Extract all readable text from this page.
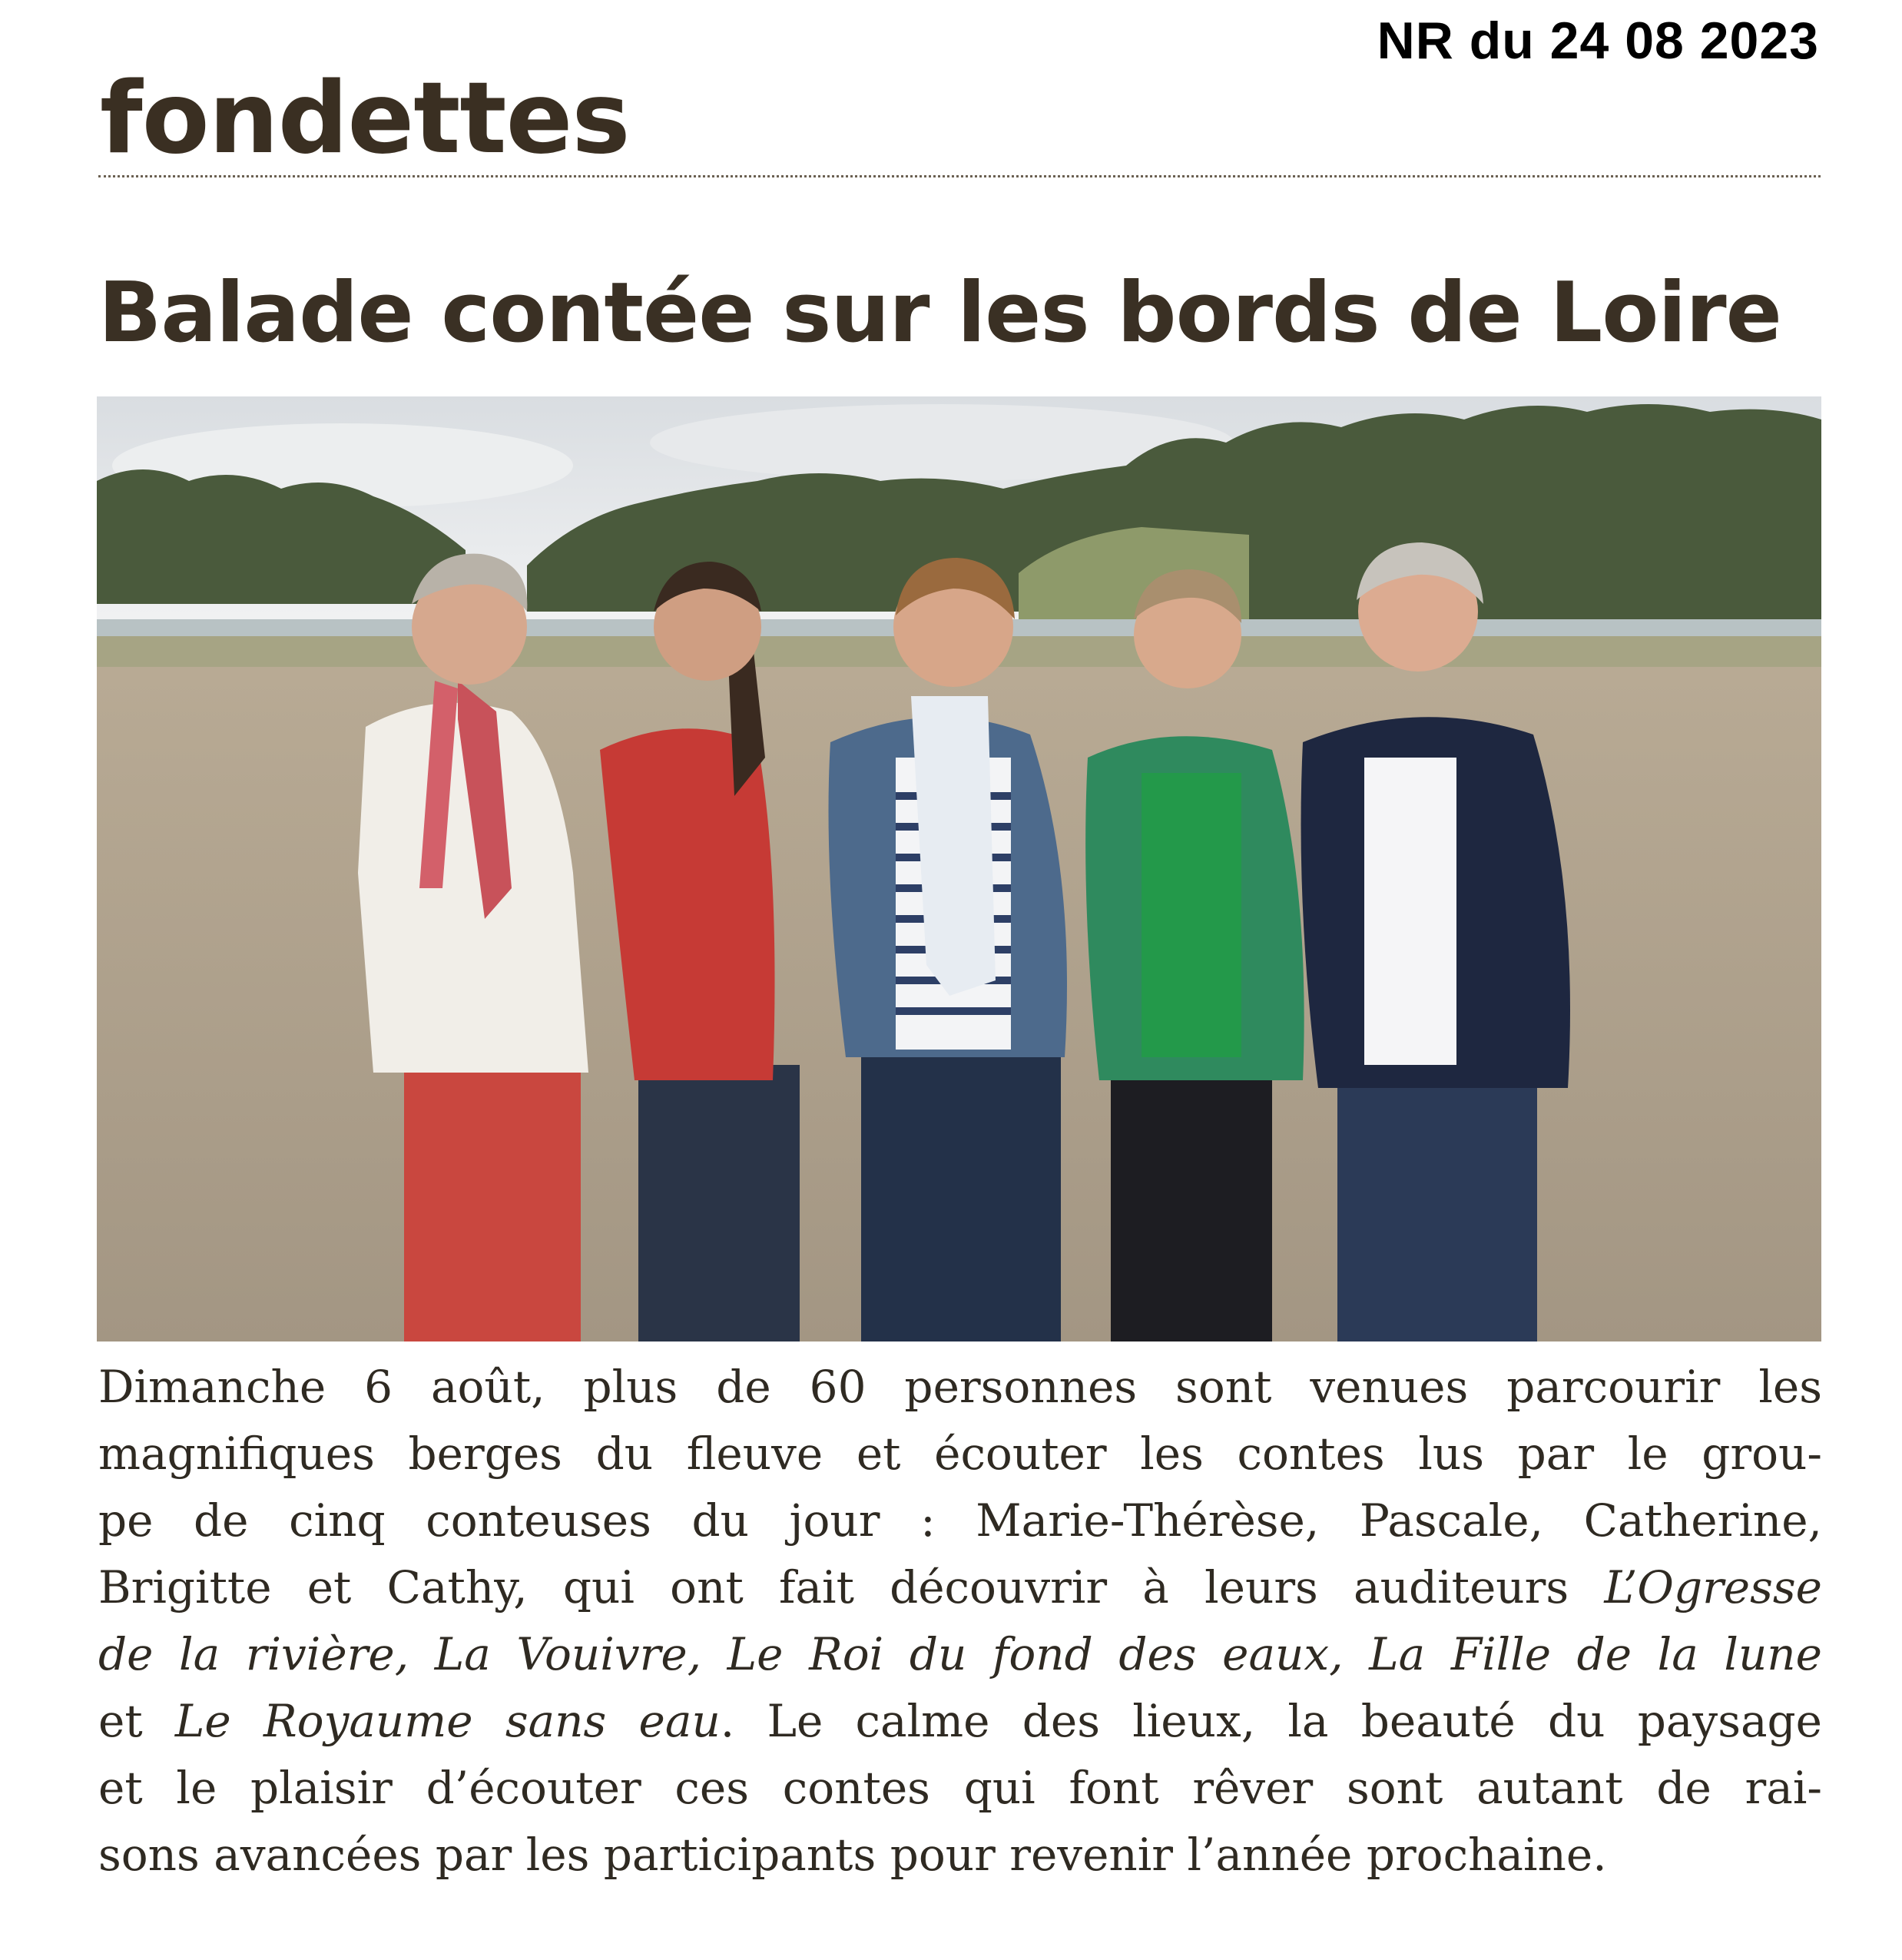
NR du 24 08 2023
fondettes
Balade contée sur les bords de Loire
Dimanche 6 août, plus de 60 personnes sont venues parcourir les
magnifiques berges du fleuve et écouter les contes lus par le grou-
pe de cinq conteuses du jour : Marie-Thérèse, Pascale, Catherine,
Brigitte et Cathy, qui ont fait découvrir à leurs auditeurs L’Ogresse
de la rivière, La Vouivre, Le Roi du fond des eaux, La Fille de la lune
et Le Royaume sans eau. Le calme des lieux, la beauté du paysage
et le plaisir d’écouter ces contes qui font rêver sont autant de rai-
sons avancées par les participants pour revenir l’année prochaine.
